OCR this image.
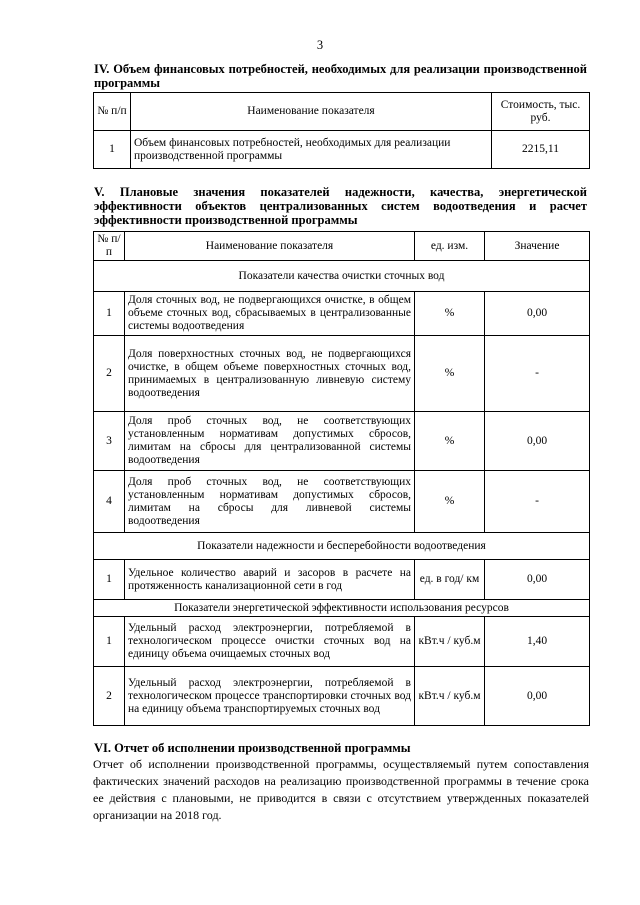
3
IV. Объем финансовых потребностей, необходимых для реализации производственной программы
№ п/п	Наименование показателя	Стоимость, тыс. руб.
1	Объем финансовых потребностей, необходимых для реализации производственной программы	2215,11
V. Плановые значения показателей надежности, качества, энергетической эффективности объектов централизованных систем водоотведения и расчет эффективности производственной программы
№ п/п	Наименование показателя	ед. изм.	Значение
Показатели качества очистки сточных вод			
1	Доля сточных вод, не подвергающихся очистке, в общем объеме сточных вод, сбрасываемых в централизованные системы водоотведения	%	0,00
2	Доля поверхностных сточных вод, не подвергающихся очистке, в общем объеме поверхностных сточных вод, принимаемых в централизованную ливневую систему водоотведения	%	-
3	Доля проб сточных вод, не соответствующих установленным нормативам допустимых сбросов, лимитам на сбросы для централизованной системы водоотведения	%	0,00
4	Доля проб сточных вод, не соответствующих установленным нормативам допустимых сбросов, лимитам на сбросы для ливневой системы водоотведения	%	-
Показатели надежности и бесперебойности водоотведения			
1	Удельное количество аварий и засоров в расчете на протяженность канализационной сети в год	ед. в год/ км	0,00
Показатели энергетической эффективности использования ресурсов			
1	Удельный расход электроэнергии, потребляемой в технологическом процессе очистки сточных вод на единицу объема очищаемых сточных вод	кВт.ч / куб.м	1,40
2	Удельный расход электроэнергии, потребляемой в технологическом процессе транспортировки сточных вод на единицу объема транспортируемых сточных вод	кВт.ч / куб.м	0,00
VI. Отчет об исполнении производственной программы
Отчет об исполнении производственной программы, осуществляемый путем сопоставления фактических значений расходов на реализацию производственной программы в течение срока ее действия с плановыми, не приводится в связи с отсутствием утвержденных показателей организации на 2018 год.
